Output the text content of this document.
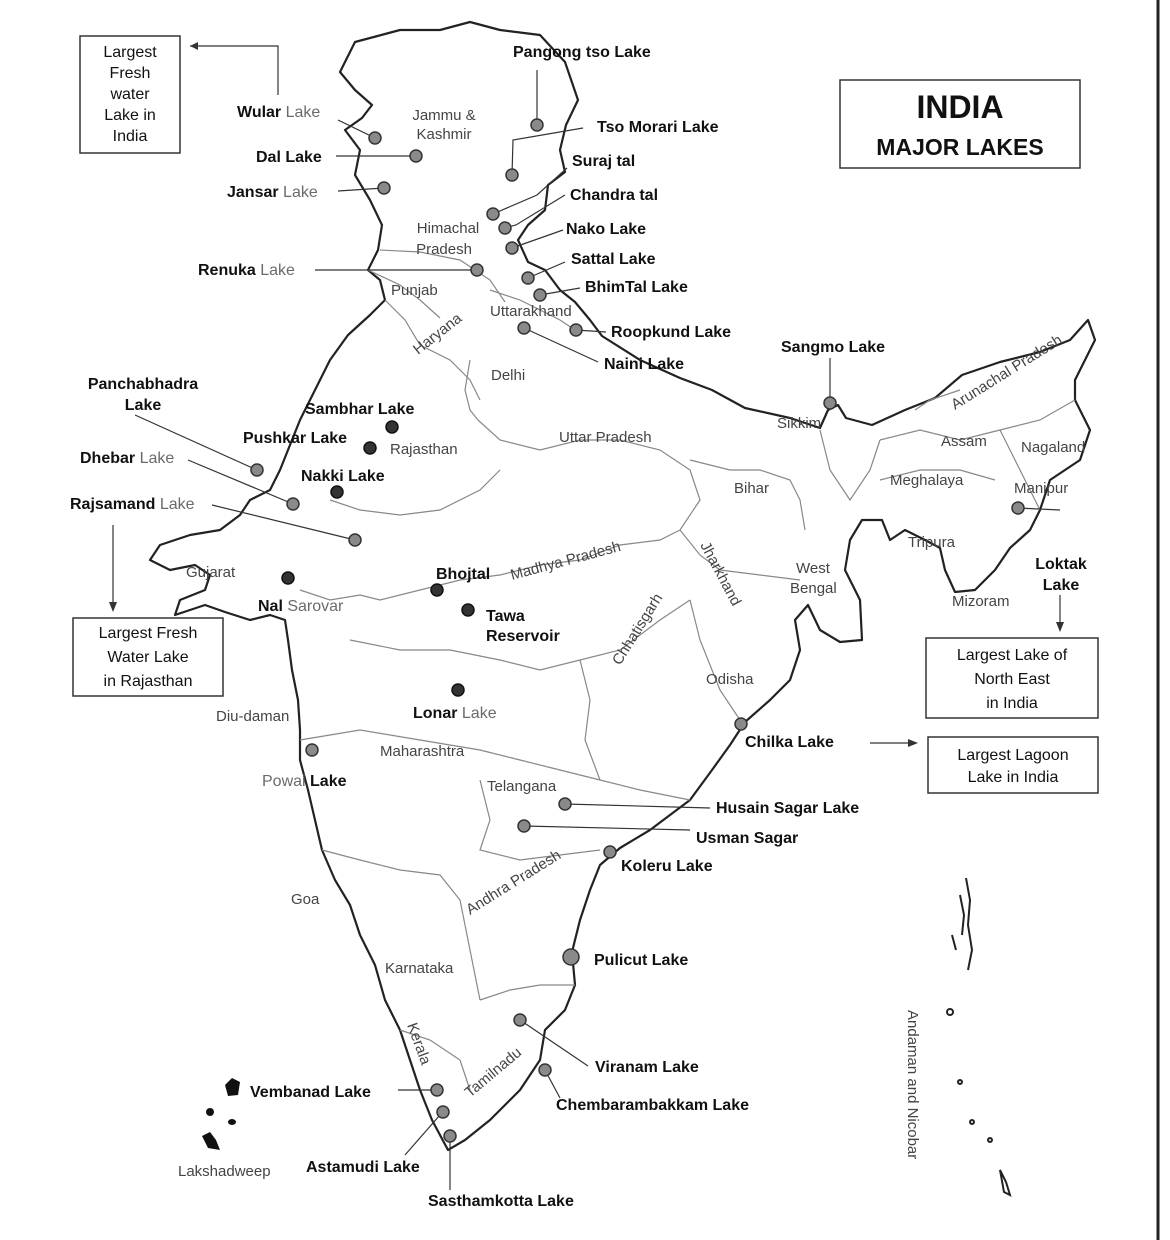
INDIA
MAJOR LAKES
Largest
Fresh
water
Lake in
India
Largest Fresh
Water Lake
in Rajasthan
Largest Lake of
North East
in India
Largest Lagoon
Lake in India
Wular Lake
Dal Lake
Jansar Lake
Renuka Lake
Pangong tso Lake
Tso Morari Lake
Suraj tal
Chandra tal
Nako Lake
Sattal Lake
BhimTal Lake
Roopkund Lake
Naini Lake
Sangmo Lake
Panchabhadra
Lake	Sambhar Lake
Pushkar Lake
Dhebar Lake
Nakki Lake
Rajsamand Lake
Nal Sarovar
Bhojtal
Tawa
Reservoir
Lonar Lake
Powai Lake
Chilka Lake
Loktak
Lake
Husain Sagar Lake
Usman Sagar
Koleru Lake
Pulicut Lake
Viranam Lake
Chembarambakkam Lake
Vembanad Lake
Astamudi Lake
Sasthamkotta Lake
Jammu &
Kashmir
Himachal
Pradesh
Punjab
Haryana Uttarakhand
Delhi
Rajasthan
Uttar Pradesh
Bihar
Sikkim
Arunachal Pradesh
Assam Nagaland
Meghalaya	Manipur
Tripura
Mizoram
West
Bengal
Jharkhand
Madhya Pradesh
Gujarat
Chhatisgarh
Odisha
Diu-daman
Maharashtra
Telangana
Andhra Pradesh
Goa
Karnataka
Kerala
Tamilnadu
Lakshadweep
Andaman and Nicobar
